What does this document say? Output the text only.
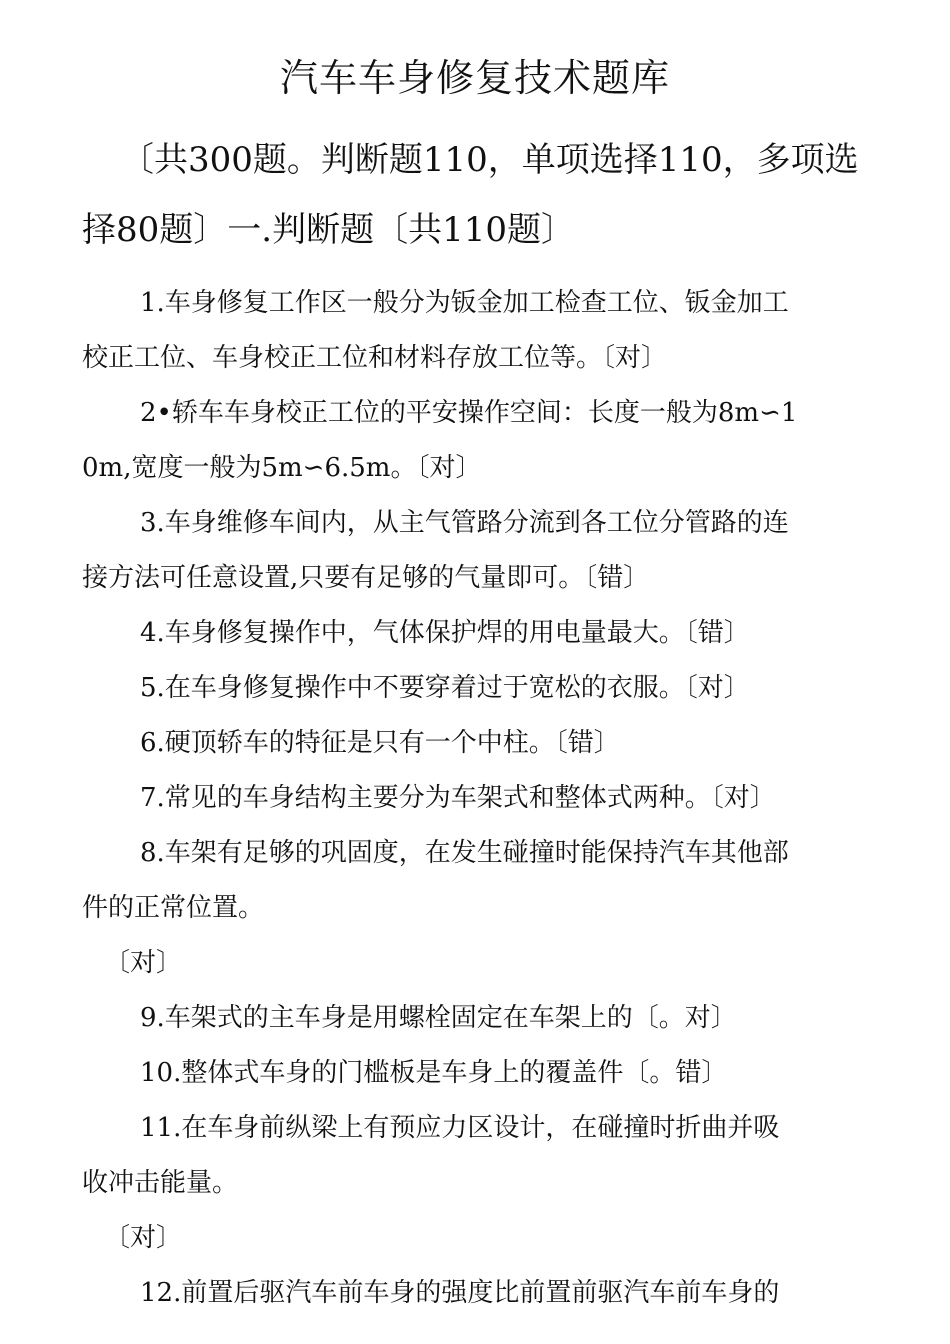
汽车车身修复技术题库
〔共300题。判断题110，单项选择110，多项选
择80题〕一.判断题〔共110题〕

1.车身修复工作区一般分为钣金加工检查工位、钣金加工
校正工位、车身校正工位和材料存放工位等。〔对〕

2•轿车车身校正工位的平安操作空间：长度一般为8m∽1
0m,宽度一般为5m∽6.5m。〔对〕

3.车身维修车间内，从主气管路分流到各工位分管路的连
接方法可任意设置,只要有足够的气量即可。〔错〕

4.车身修复操作中，气体保护焊的用电量最大。〔错〕

5.在车身修复操作中不要穿着过于宽松的衣服。〔对〕

6.硬顶轿车的特征是只有一个中柱。〔错〕

7.常见的车身结构主要分为车架式和整体式两种。〔对〕

8.车架有足够的巩固度，在发生碰撞时能保持汽车其他部
件的正常位置。

〔对〕

9.车架式的主车身是用螺栓固定在车架上的〔。对〕

10.整体式车身的门槛板是车身上的覆盖件〔。错〕

11.在车身前纵梁上有预应力区设计，在碰撞时折曲并吸
收冲击能量。

〔对〕

12.前置后驱汽车前车身的强度比前置前驱汽车前车身的
